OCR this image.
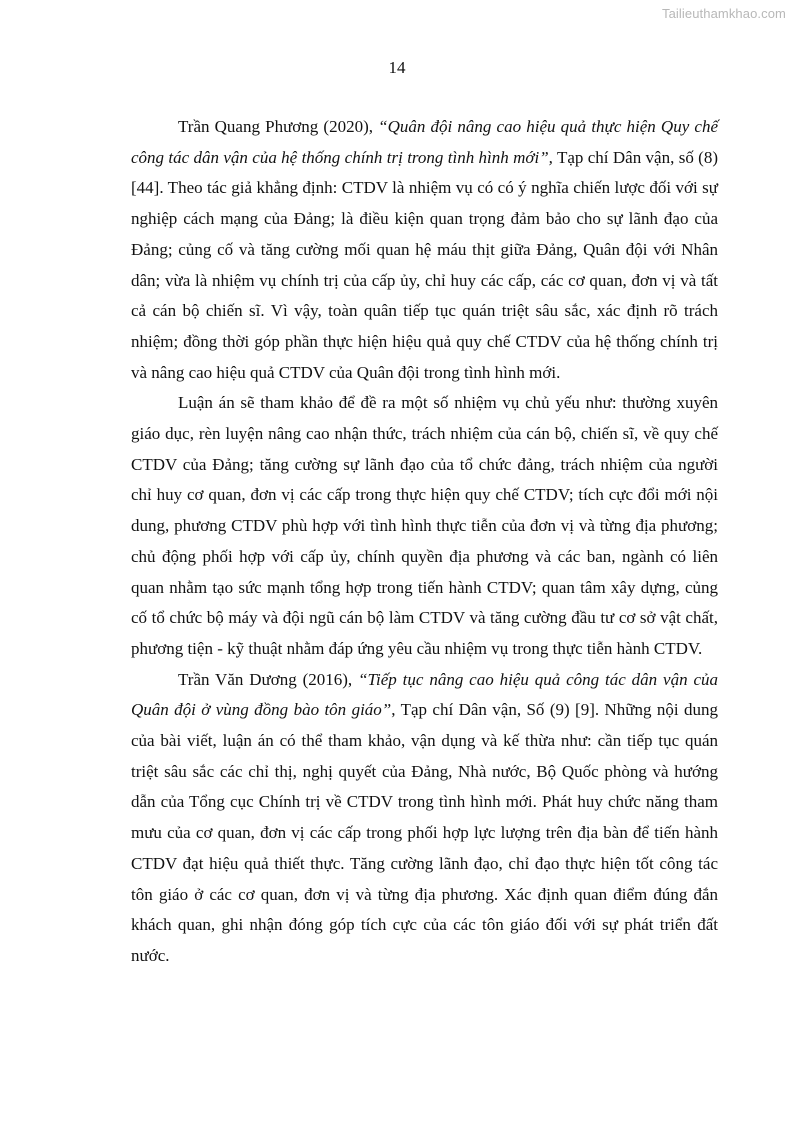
Tailieuthamkhao.com
14

Trần Quang Phương (2020), “Quân đội nâng cao hiệu quả thực hiện Quy chế công tác dân vận của hệ thống chính trị trong tình hình mới”, Tạp chí Dân vận, số (8) [44]. Theo tác giả khẳng định: CTDV là nhiệm vụ có có ý nghĩa chiến lược đối với sự nghiệp cách mạng của Đảng; là điều kiện quan trọng đảm bảo cho sự lãnh đạo của Đảng; củng cố và tăng cường mối quan hệ máu thịt giữa Đảng, Quân đội với Nhân dân; vừa là nhiệm vụ chính trị của cấp ủy, chỉ huy các cấp, các cơ quan, đơn vị và tất cả cán bộ chiến sĩ. Vì vậy, toàn quân tiếp tục quán triệt sâu sắc, xác định rõ trách nhiệm; đồng thời góp phần thực hiện hiệu quả quy chế CTDV của hệ thống chính trị và nâng cao hiệu quả CTDV của Quân đội trong tình hình mới.

Luận án sẽ tham khảo để đề ra một số nhiệm vụ chủ yếu như: thường xuyên giáo dục, rèn luyện nâng cao nhận thức, trách nhiệm của cán bộ, chiến sĩ, về quy chế CTDV của Đảng; tăng cường sự lãnh đạo của tổ chức đảng, trách nhiệm của người chỉ huy cơ quan, đơn vị các cấp trong thực hiện quy chế CTDV; tích cực đổi mới nội dung, phương CTDV phù hợp với tình hình thực tiễn của đơn vị và từng địa phương; chủ động phối hợp với cấp ủy, chính quyền địa phương và các ban, ngành có liên quan nhằm tạo sức mạnh tổng hợp trong tiến hành CTDV; quan tâm xây dựng, củng cố tổ chức bộ máy và đội ngũ cán bộ làm CTDV và tăng cường đầu tư cơ sở vật chất, phương tiện - kỹ thuật nhằm đáp ứng yêu cầu nhiệm vụ trong thực tiễn hành CTDV.

Trần Văn Dương (2016), “Tiếp tục nâng cao hiệu quả công tác dân vận của Quân đội ở vùng đồng bào tôn giáo”, Tạp chí Dân vận, Số (9) [9]. Những nội dung của bài viết, luận án có thể tham khảo, vận dụng và kế thừa như: cần tiếp tục quán triệt sâu sắc các chỉ thị, nghị quyết của Đảng, Nhà nước, Bộ Quốc phòng và hướng dẫn của Tổng cục Chính trị về CTDV trong tình hình mới. Phát huy chức năng tham mưu của cơ quan, đơn vị các cấp trong phối hợp lực lượng trên địa bàn để tiến hành CTDV đạt hiệu quả thiết thực. Tăng cường lãnh đạo, chỉ đạo thực hiện tốt công tác tôn giáo ở các cơ quan, đơn vị và từng địa phương. Xác định quan điểm đúng đắn khách quan, ghi nhận đóng góp tích cực của các tôn giáo đối với sự phát triển đất nước.
